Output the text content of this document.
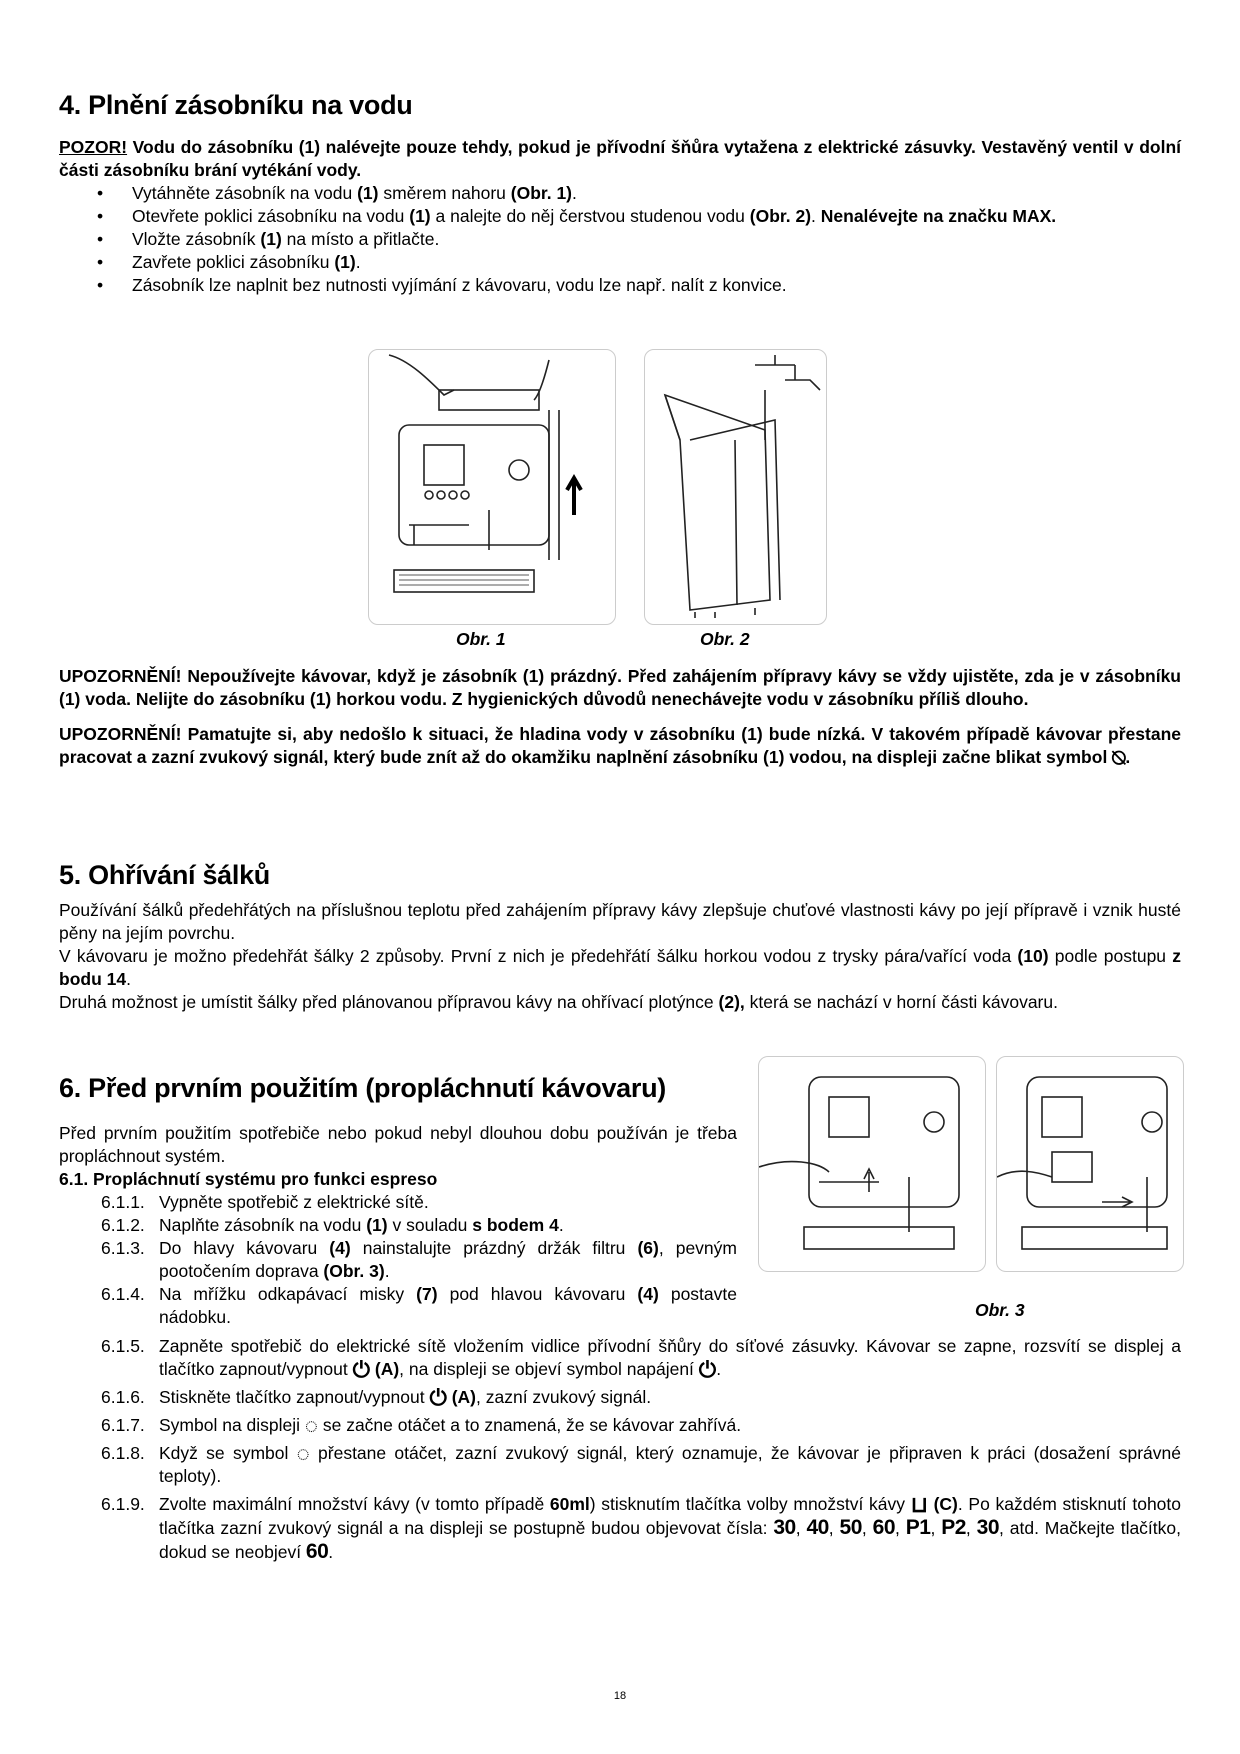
4. Plnění zásobníku na vodu

POZOR! Vodu do zásobníku (1) nalévejte pouze tehdy, pokud je přívodní šňůra vytažena z elektrické zásuvky. Vestavěný ventil v dolní části zásobníku brání vytékání vody.

• Vytáhněte zásobník na vodu (1) směrem nahoru (Obr. 1).
• Otevřete poklici zásobníku na vodu (1) a nalejte do něj čerstvou studenou vodu (Obr. 2). Nenalévejte na značku MAX.
• Vložte zásobník (1) na místo a přitlačte.
• Zavřete poklici zásobníku (1).
• Zásobník lze naplnit bez nutnosti vyjímání z kávovaru, vodu lze např. nalít z konvice.
Obr. 1	Obr. 2

UPOZORNĚNÍ! Nepoužívejte kávovar, když je zásobník (1) prázdný. Před zahájením přípravy kávy se vždy ujistěte, zda je v zásobníku (1) voda. Nelijte do zásobníku (1) horkou vodu. Z hygienických důvodů nenechávejte vodu v zásobníku příliš dlouho.

UPOZORNĚNÍ! Pamatujte si, aby nedošlo k situaci, že hladina vody v zásobníku (1) bude nízká. V takovém případě kávovar přestane pracovat a zazní zvukový signál, který bude znít až do okamžiku naplnění zásobníku (1) vodou, na displeji začne blikat symbol ⍉.

5. Ohřívání šálků

Používání šálků předehřátých na příslušnou teplotu před zahájením přípravy kávy zlepšuje chuťové vlastnosti kávy po její přípravě i vznik husté pěny na jejím povrchu.

V kávovaru je možno předehřát šálky 2 způsoby. První z nich je předehřátí šálku horkou vodou z trysky pára/vařící voda (10) podle postupu z bodu 14.

Druhá možnost je umístit šálky před plánovanou přípravou kávy na ohřívací plotýnce (2), která se nachází v horní části kávovaru.

6. Před prvním použitím (propláchnutí kávovaru)

Před prvním použitím spotřebiče nebo pokud nebyl dlouhou dobu používán je třeba propláchnout systém.

6.1. Propláchnutí systému pro funkci espreso

6.1.1. Vypněte spotřebič z elektrické sítě.
6.1.2. Naplňte zásobník na vodu (1) v souladu s bodem 4.
6.1.3. Do hlavy kávovaru (4) nainstalujte prázdný držák filtru (6), pevným pootočením doprava (Obr. 3).
6.1.4. Na mřížku odkapávací misky (7) pod hlavou kávovaru (4) postavte nádobku.	Obr. 3
6.1.5. Zapněte spotřebič do elektrické sítě vložením vidlice přívodní šňůry do síťové zásuvky. Kávovar se zapne, rozsvítí se displej a tlačítko zapnout/vypnout ⏻ (A), na displeji se objeví symbol napájení ⏻.
6.1.6. Stiskněte tlačítko zapnout/vypnout ⏻ (A), zazní zvukový signál.
6.1.7. Symbol na displeji ◌ se začne otáčet a to znamená, že se kávovar zahřívá.
6.1.8. Když se symbol ◌ přestane otáčet, zazní zvukový signál, který oznamuje, že kávovar je připraven k práci (dosažení správné teploty).
6.1.9. Zvolte maximální množství kávy (v tomto případě 60ml) stisknutím tlačítka volby množství kávy ⊔ (C). Po každém stisknutí tohoto tlačítka zazní zvukový signál a na displeji se postupně budou objevovat čísla: 30, 40, 50, 60, P1, P2, 30, atd. Mačkejte tlačítko, dokud se neobjeví 60.
18
